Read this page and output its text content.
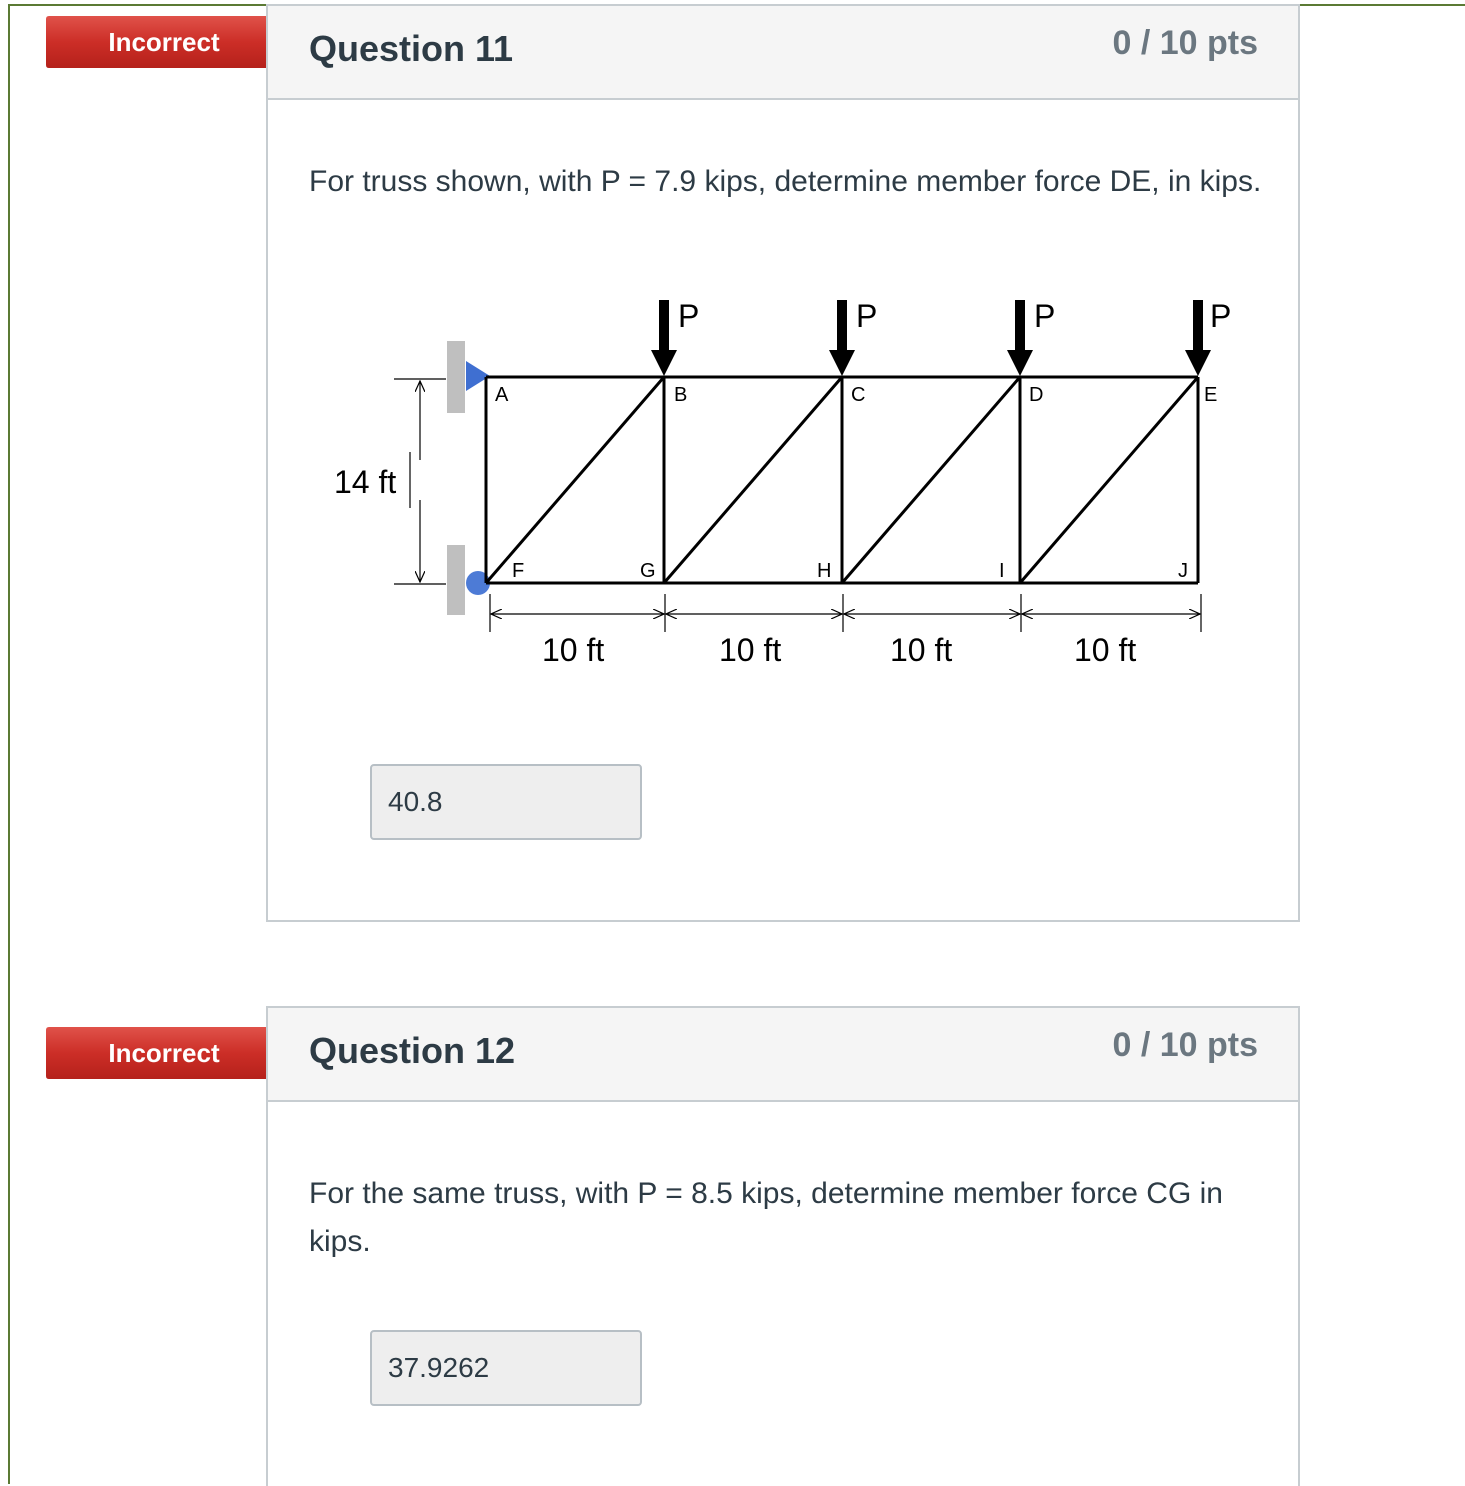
Incorrect	Question 11	0 / 10 pts
For truss shown, with P = 7.9 kips, determine member force DE, in kips.
40.8
P	P	P	P
A	B	C	D	E
F	G	H	I	J
14 ft
10 ft	10 ft	10 ft	10 ft
Incorrect	Question 12	0 / 10 pts
For the same truss, with P = 8.5 kips, determine member force CG in kips.
37.9262
